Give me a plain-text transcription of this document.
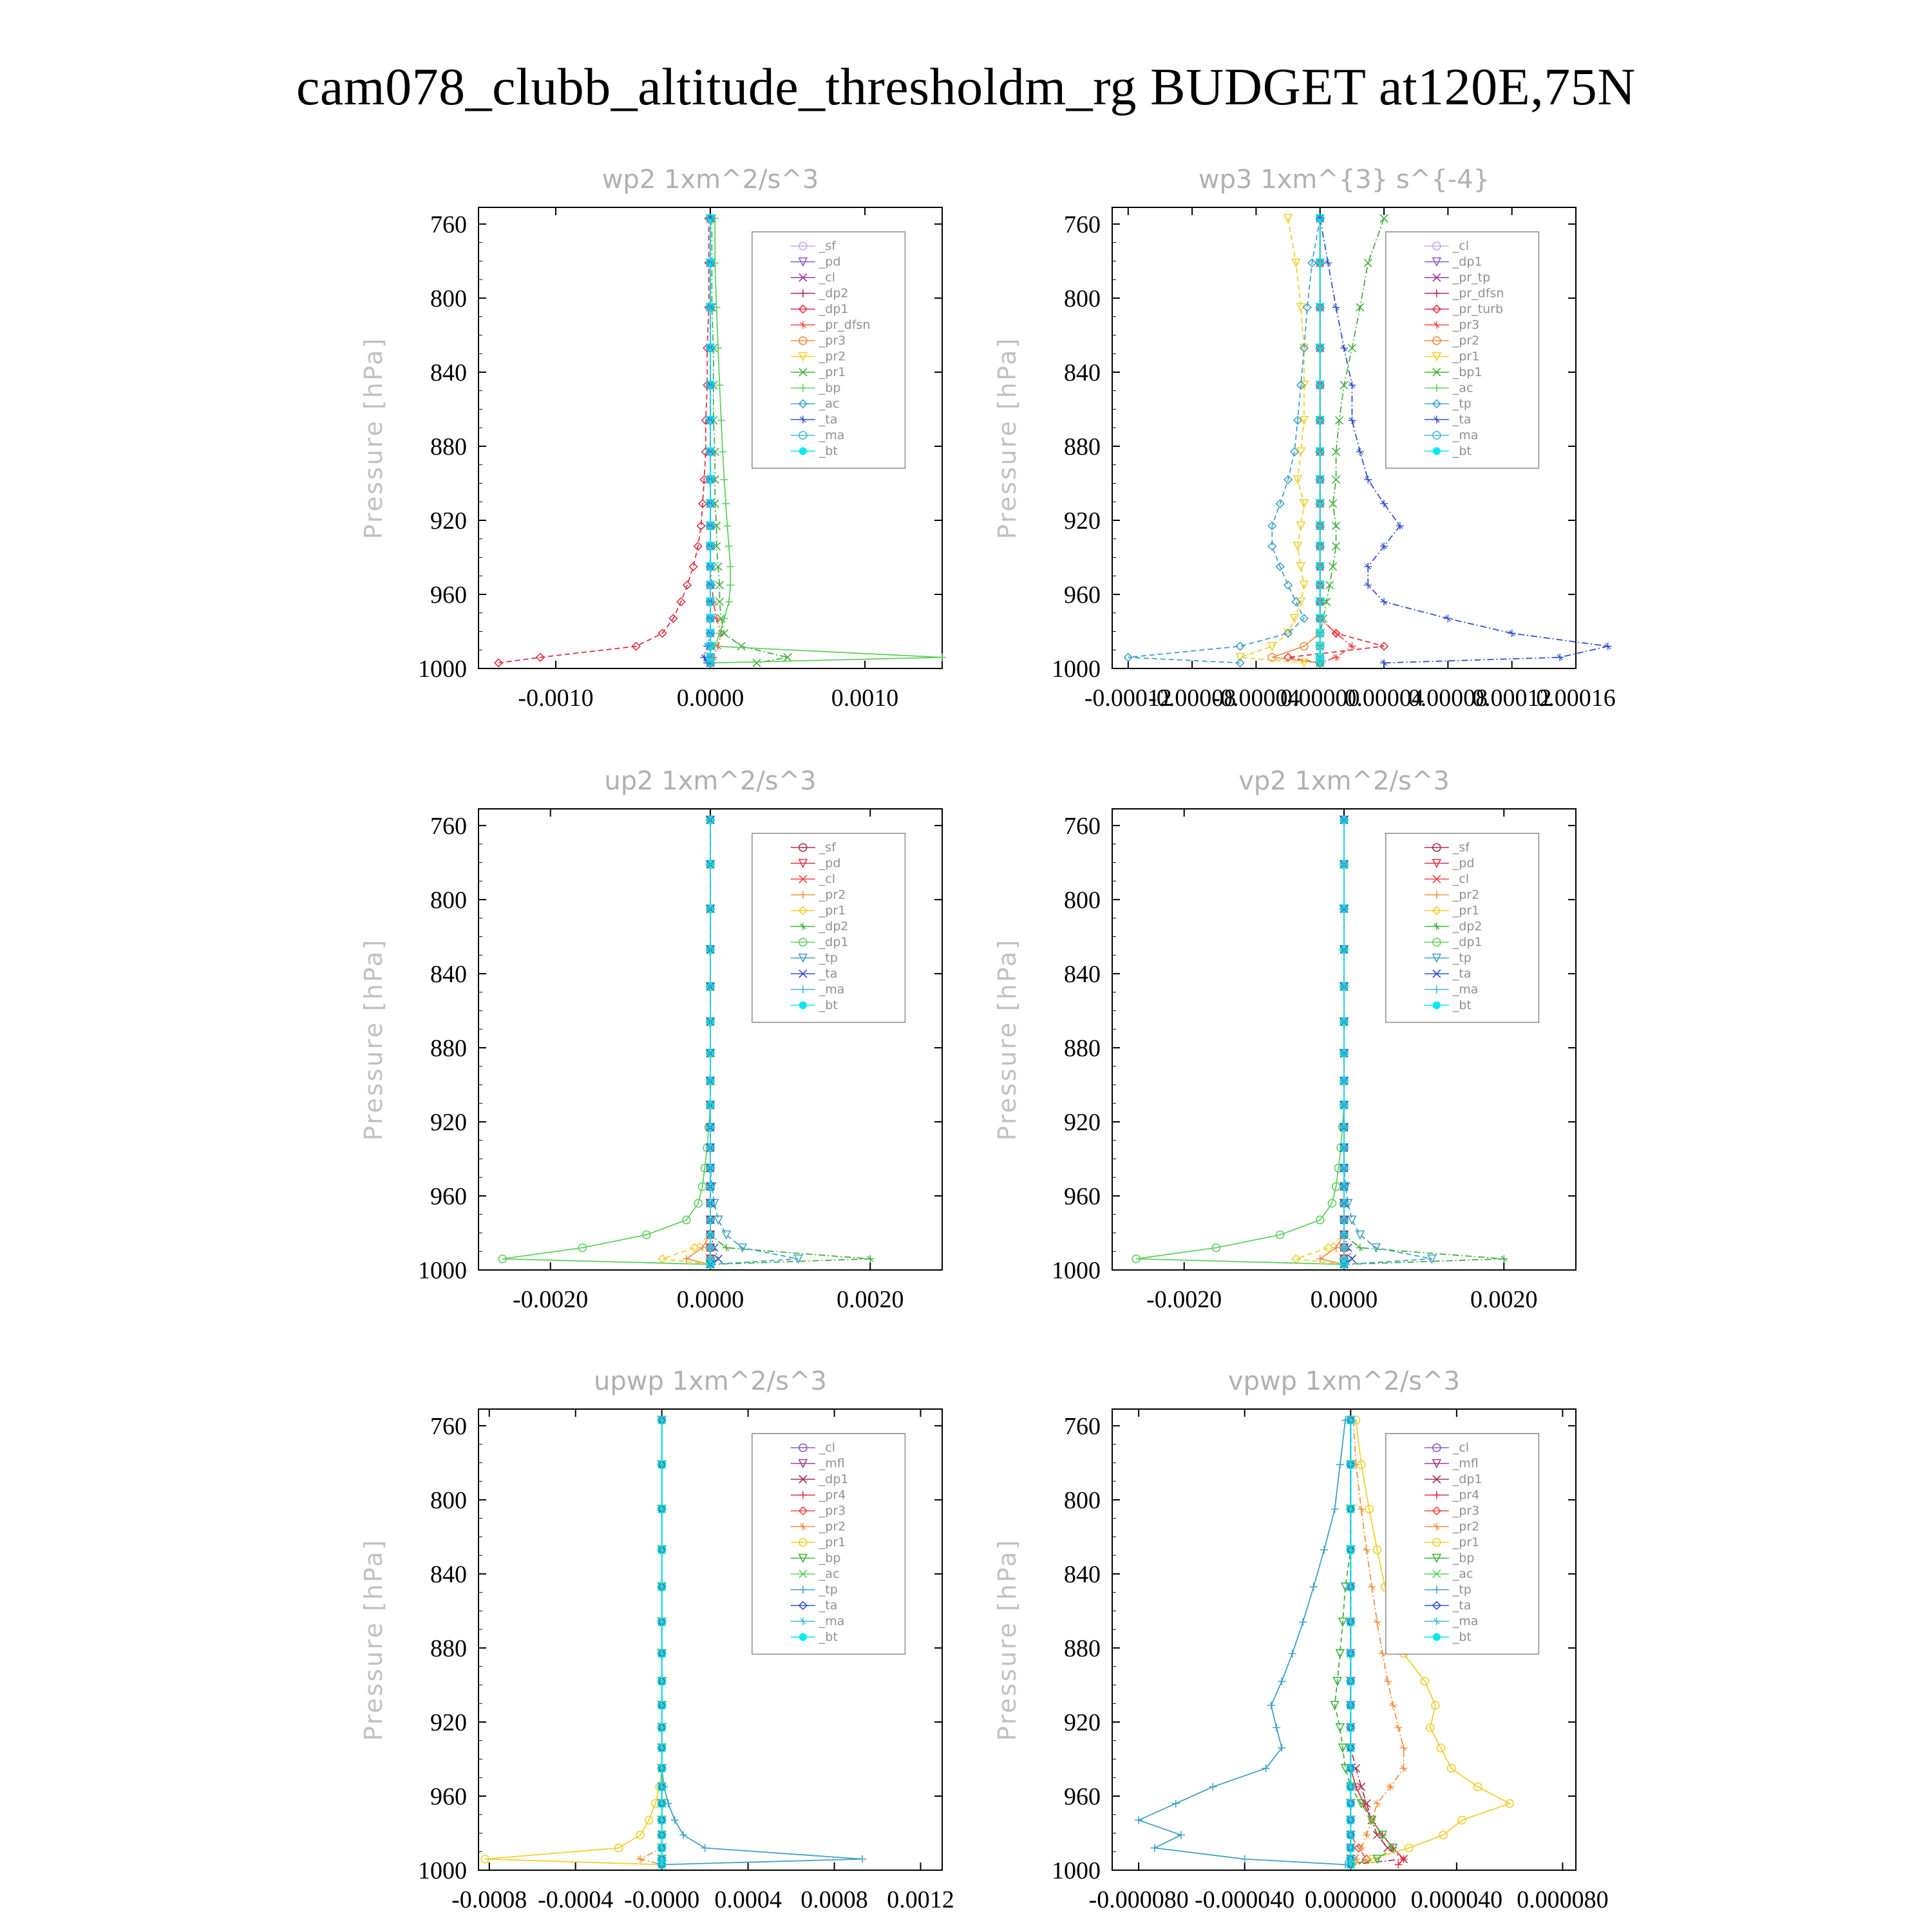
cam078_clubb_altitude_thresholdm_rg BUDGET at120E,75N
wp2 1xm^2/s^3
Pressure [hPa]
760
800
840
880
920
960
1000
-0.0010	0.0000	0.0010
_sf
_pd
_cl
_dp2
_dp1
_pr_dfsn
_pr3
_pr2
_pr1
_bp
_ac
_ta
_ma
_bt
wp3 1xm^{3} s^{-4}
Pressure [hPa]
760
800
840
880
920
960
1000
-0.00012
-0.00008
-0.00004
0.00000
0.00004
0.00008
0.00012
0.00016
_cl
_dp1
_pr_tp
_pr_dfsn
_pr_turb
_pr3
_pr2
_pr1
_bp1
_ac
_tp
_ta
_ma
_bt
up2 1xm^2/s^3
Pressure [hPa]
760
800
840
880
920
960
1000
-0.0020	0.0000	0.0020
_sf
_pd
_cl
_pr2
_pr1
_dp2
_dp1
_tp
_ta
_ma
_bt
vp2 1xm^2/s^3
Pressure [hPa]
760
800
840
880
920
960
1000
-0.0020	0.0000	0.0020
_sf
_pd
_cl
_pr2
_pr1
_dp2
_dp1
_tp
_ta
_ma
_bt
upwp 1xm^2/s^3
Pressure [hPa]
760
800
840
880
920
960
1000
-0.0008 -0.0004 -0.0000 0.0004 0.0008 0.0012
_cl
_mfl
_dp1
_pr4
_pr3
_pr2
_pr1
_bp
_ac
_tp
_ta
_ma
_bt
vpwp 1xm^2/s^3
Pressure [hPa]
760
800
840
880
920
960
1000
-0.000080 -0.000040 0.000000 0.000040 0.000080
_cl
_mfl
_dp1
_pr4
_pr3
_pr2
_pr1
_bp
_ac
_tp
_ta
_ma
_bt
